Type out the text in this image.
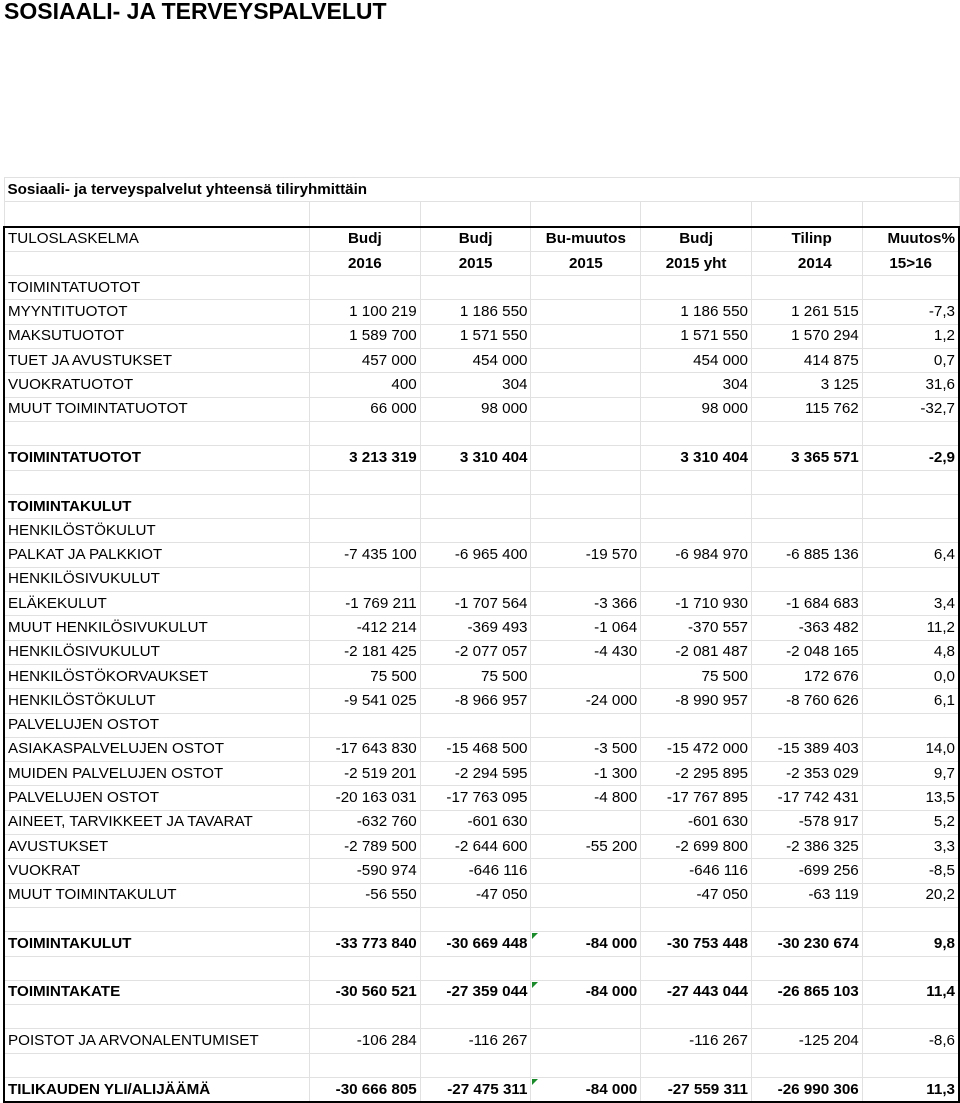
SOSIAALI- JA TERVEYSPALVELUT
Sosiaali- ja terveyspalvelut yhteensä tiliryhmittäin						

TULOSLASKELMA	Budj	Budj	Bu-muutos	Budj	Tilinp	Muutos%
	2016	2015	2015	2015 yht	2014	15>16
TOIMINTATUOTOT						
MYYNTITUOTOT	1 100 219	1 186 550		1 186 550	1 261 515	-7,3
MAKSUTUOTOT	1 589 700	1 571 550		1 571 550	1 570 294	1,2
TUET JA AVUSTUKSET	457 000	454 000		454 000	414 875	0,7
VUOKRATUOTOT	400	304		304	3 125	31,6
MUUT TOIMINTATUOTOT	66 000	98 000		98 000	115 762	-32,7

TOIMINTATUOTOT	3 213 319	3 310 404		3 310 404	3 365 571	-2,9

TOIMINTAKULUT						
HENKILÖSTÖKULUT						
PALKAT JA PALKKIOT	-7 435 100	-6 965 400	-19 570	-6 984 970	-6 885 136	6,4
HENKILÖSIVUKULUT						
ELÄKEKULUT	-1 769 211	-1 707 564	-3 366	-1 710 930	-1 684 683	3,4
MUUT HENKILÖSIVUKULUT	-412 214	-369 493	-1 064	-370 557	-363 482	11,2
HENKILÖSIVUKULUT	-2 181 425	-2 077 057	-4 430	-2 081 487	-2 048 165	4,8
HENKILÖSTÖKORVAUKSET	75 500	75 500		75 500	172 676	0,0
HENKILÖSTÖKULUT	-9 541 025	-8 966 957	-24 000	-8 990 957	-8 760 626	6,1
PALVELUJEN OSTOT						
ASIAKASPALVELUJEN OSTOT	-17 643 830	-15 468 500	-3 500	-15 472 000	-15 389 403	14,0
MUIDEN PALVELUJEN OSTOT	-2 519 201	-2 294 595	-1 300	-2 295 895	-2 353 029	9,7
PALVELUJEN OSTOT	-20 163 031	-17 763 095	-4 800	-17 767 895	-17 742 431	13,5
AINEET, TARVIKKEET JA TAVARAT	-632 760	-601 630		-601 630	-578 917	5,2
AVUSTUKSET	-2 789 500	-2 644 600	-55 200	-2 699 800	-2 386 325	3,3
VUOKRAT	-590 974	-646 116		-646 116	-699 256	-8,5
MUUT TOIMINTAKULUT	-56 550	-47 050		-47 050	-63 119	20,2

TOIMINTAKULUT	-33 773 840	-30 669 448	-84 000	-30 753 448	-30 230 674	9,8

TOIMINTAKATE	-30 560 521	-27 359 044	-84 000	-27 443 044	-26 865 103	11,4

POISTOT JA ARVONALENTUMISET	-106 284	-116 267		-116 267	-125 204	-8,6

TILIKAUDEN YLI/ALIJÄÄMÄ	-30 666 805	-27 475 311	-84 000	-27 559 311	-26 990 306	11,3
